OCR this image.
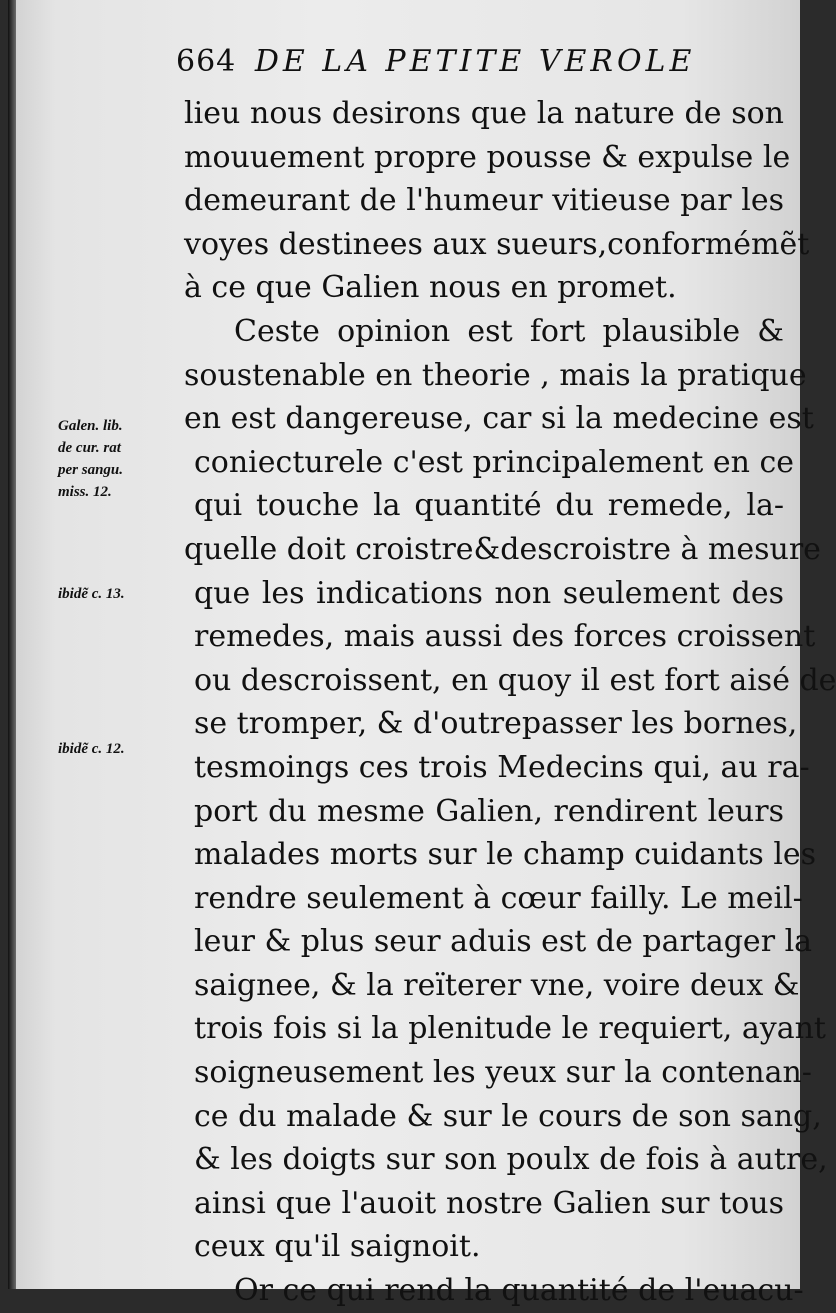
664 DE LA PETITE VEROLE
Galen. lib.
de cur. rat
per sangu.
miss. 12.
ibidẽ c. 13.
ibidẽ c. 12.
lieu nous desirons que la nature de son
mouuement propre pousse & expulse le
demeurant de l'humeur vitieuse par les
voyes destinees aux sueurs,conformémẽt
à ce que Galien nous en promet.
Ceste opinion est fort plausible &
soustenable en theorie , mais la pratique
en est dangereuse, car si la medecine est
coniecturele c'est principalement en ce
qui touche la quantité du remede, la-
quelle doit croistre&descroistre à mesure
que les indications non seulement des
remedes, mais aussi des forces croissent
ou descroissent, en quoy il est fort aisé de
se tromper, & d'outrepasser les bornes,
tesmoings ces trois Medecins qui, au ra-
port du mesme Galien, rendirent leurs
malades morts sur le champ cuidants les
rendre seulement à cœur failly. Le meil-
leur & plus seur aduis est de partager la
saignee, & la reïterer vne, voire deux &
trois fois si la plenitude le requiert, ayant
soigneusement les yeux sur la contenan-
ce du malade & sur le cours de son sang,
& les doigts sur son poulx de fois à autre,
ainsi que l'auoit nostre Galien sur tous
ceux qu'il saignoit.
Or ce qui rend la quantité de l'euacu-
